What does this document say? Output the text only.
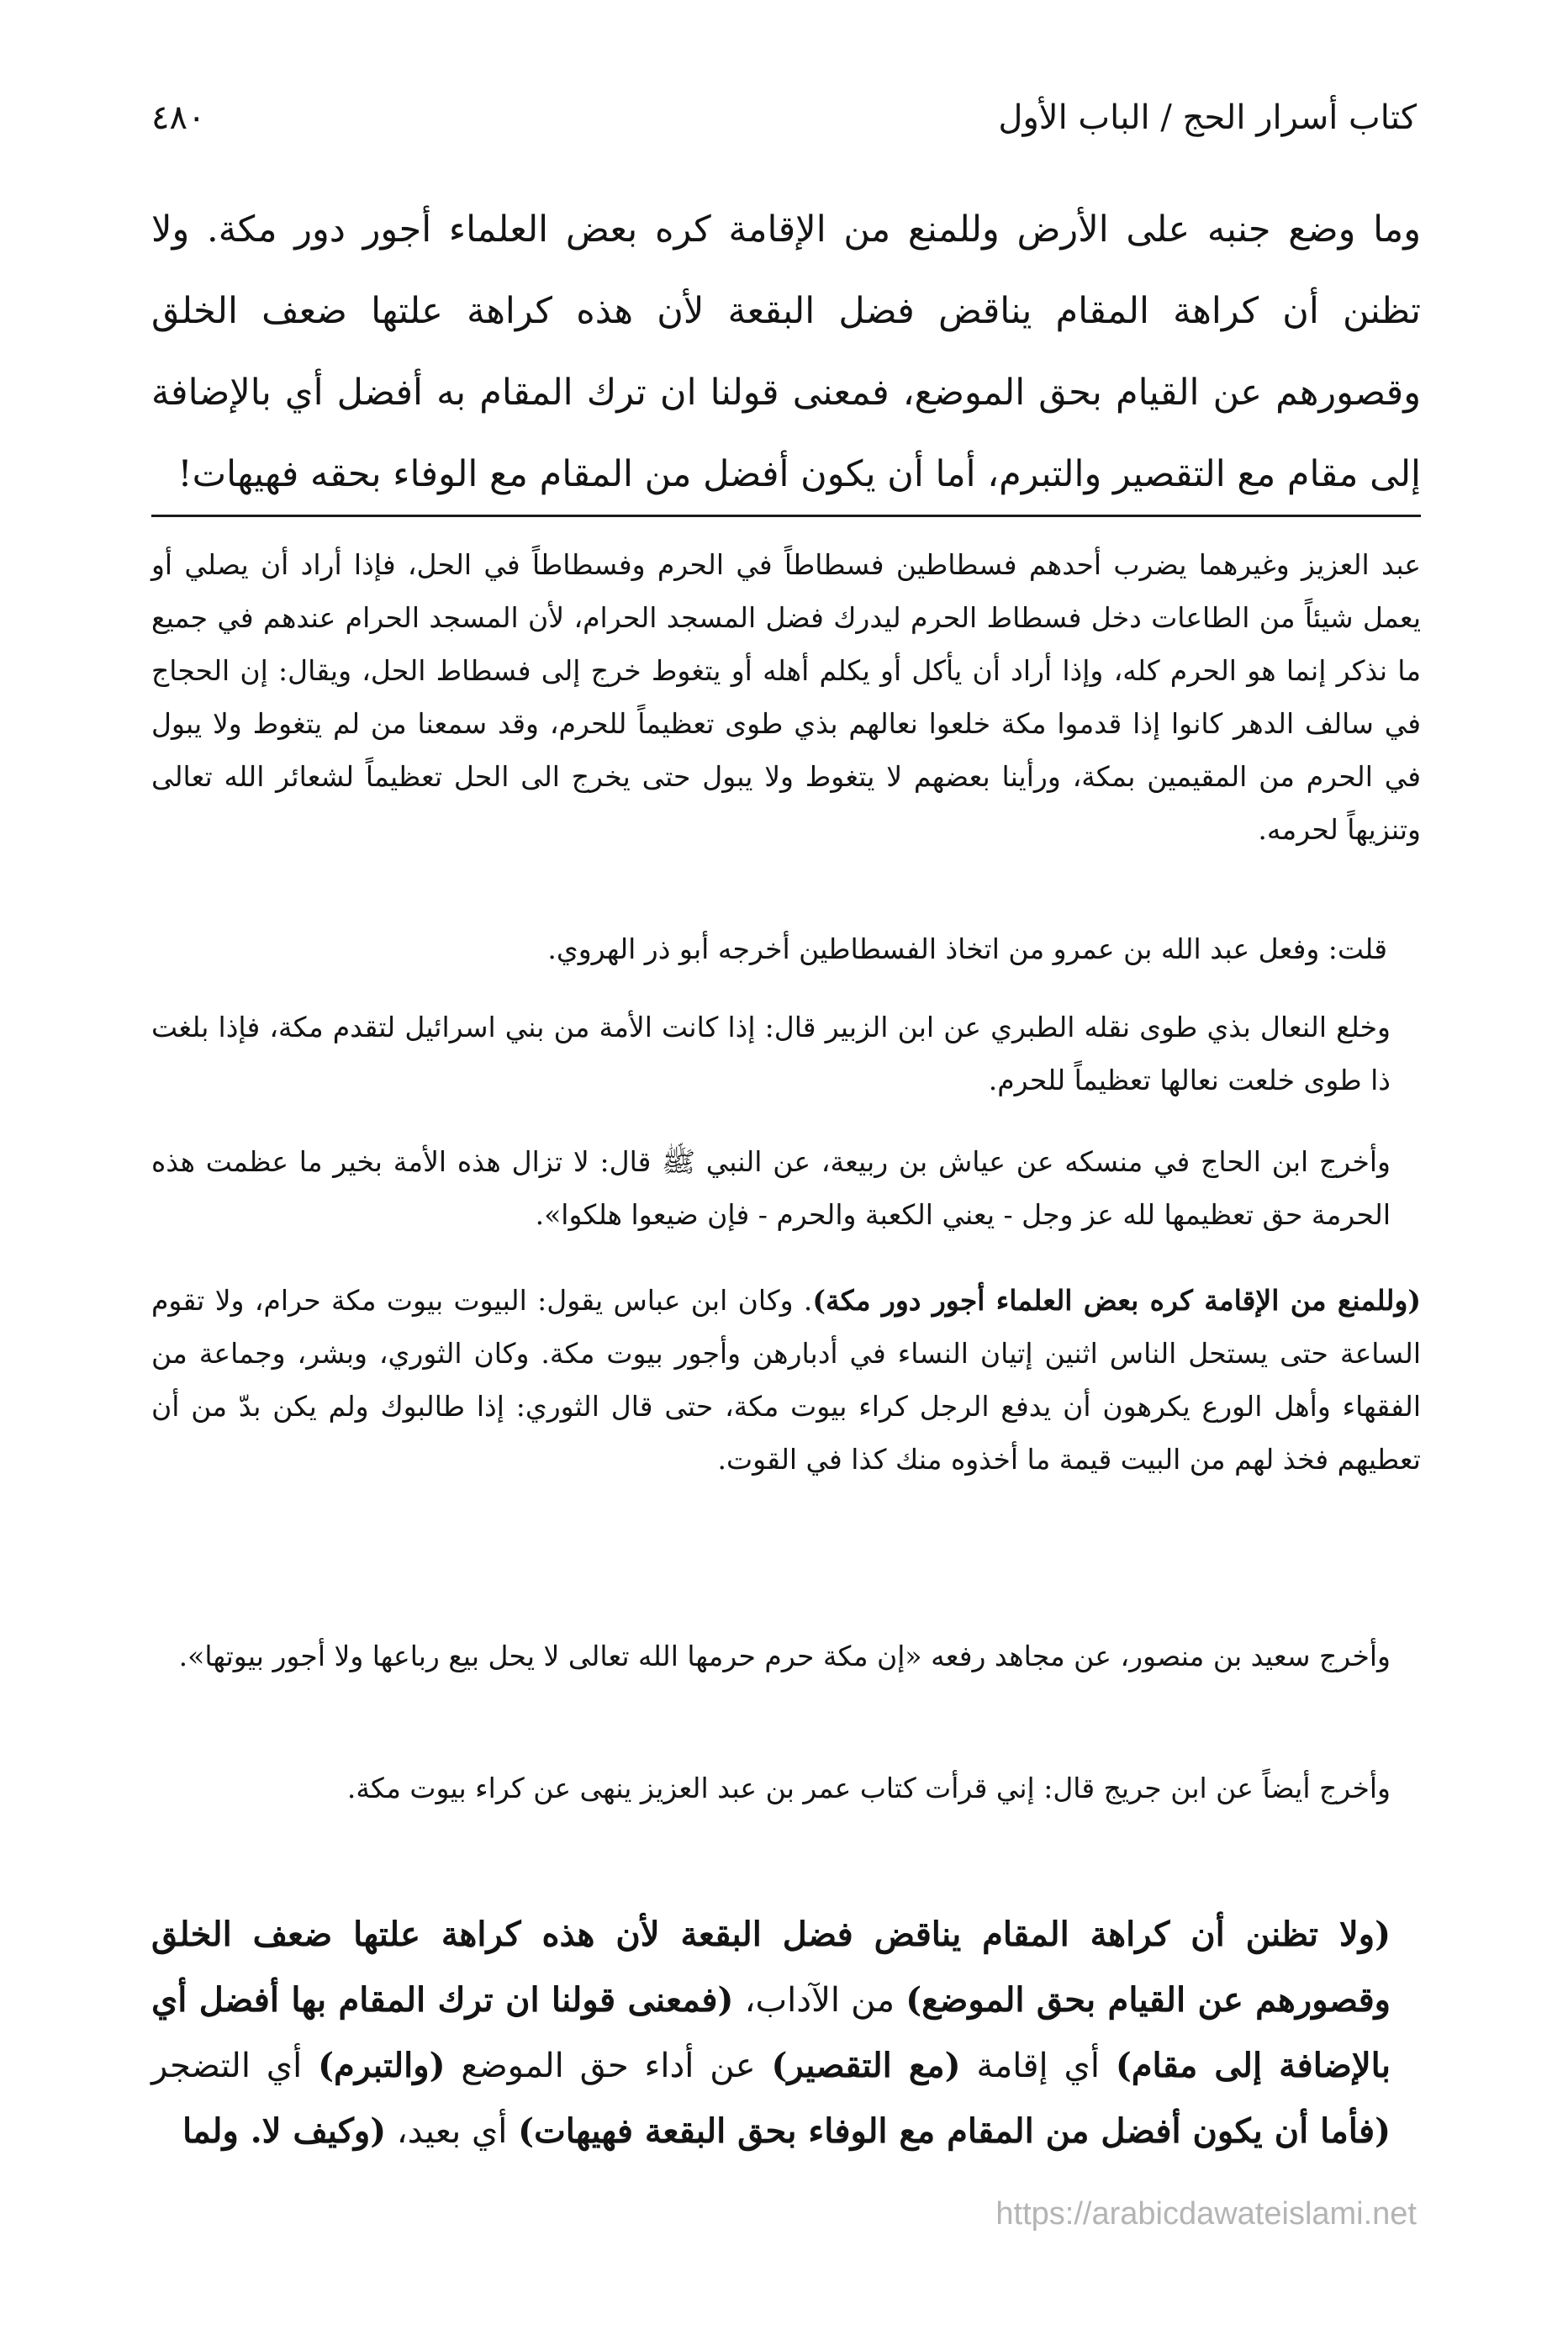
كتاب أسرار الحج / الباب الأول
٤٨٠

وما وضع جنبه على الأرض وللمنع من الإقامة كره بعض العلماء أجور دور مكة. ولا تظنن أن كراهة المقام يناقض فضل البقعة لأن هذه كراهة علتها ضعف الخلق وقصورهم عن القيام بحق الموضع، فمعنى قولنا ان ترك المقام به أفضل أي بالإضافة إلى مقام مع التقصير والتبرم، أما أن يكون أفضل من المقام مع الوفاء بحقه فهيهات!

عبد العزيز وغيرهما يضرب أحدهم فسطاطين فسطاطاً في الحرم وفسطاطاً في الحل، فإذا أراد أن يصلي أو يعمل شيئاً من الطاعات دخل فسطاط الحرم ليدرك فضل المسجد الحرام، لأن المسجد الحرام عندهم في جميع ما نذكر إنما هو الحرم كله، وإذا أراد أن يأكل أو يكلم أهله أو يتغوط خرج إلى فسطاط الحل، ويقال: إن الحجاج في سالف الدهر كانوا إذا قدموا مكة خلعوا نعالهم بذي طوى تعظيماً للحرم، وقد سمعنا من لم يتغوط ولا يبول في الحرم من المقيمين بمكة، ورأينا بعضهم لا يتغوط ولا يبول حتى يخرج الى الحل تعظيماً لشعائر الله تعالى وتنزيهاً لحرمه.

قلت: وفعل عبد الله بن عمرو من اتخاذ الفسطاطين أخرجه أبو ذر الهروي.

وخلع النعال بذي طوى نقله الطبري عن ابن الزبير قال: إذا كانت الأمة من بني اسرائيل لتقدم مكة، فإذا بلغت ذا طوى خلعت نعالها تعظيماً للحرم.

وأخرج ابن الحاج في منسكه عن عياش بن ربيعة، عن النبي ﷺ قال: لا تزال هذه الأمة بخير ما عظمت هذه الحرمة حق تعظيمها لله عز وجل - يعني الكعبة والحرم - فإن ضيعوا هلكوا».

(وللمنع من الإقامة كره بعض العلماء أجور دور مكة). وكان ابن عباس يقول: البيوت بيوت مكة حرام، ولا تقوم الساعة حتى يستحل الناس اثنين إتيان النساء في أدبارهن وأجور بيوت مكة. وكان الثوري، وبشر، وجماعة من الفقهاء وأهل الورع يكرهون أن يدفع الرجل كراء بيوت مكة، حتى قال الثوري: إذا طالبوك ولم يكن بدّ من أن تعطيهم فخذ لهم من البيت قيمة ما أخذوه منك كذا في القوت.

وأخرج سعيد بن منصور، عن مجاهد رفعه «إن مكة حرم حرمها الله تعالى لا يحل بيع رباعها ولا أجور بيوتها».

وأخرج أيضاً عن ابن جريج قال: إني قرأت كتاب عمر بن عبد العزيز ينهى عن كراء بيوت مكة.

(ولا تظنن أن كراهة المقام يناقض فضل البقعة لأن هذه كراهة علتها ضعف الخلق وقصورهم عن القيام بحق الموضع) من الآداب، (فمعنى قولنا ان ترك المقام بها أفضل أي بالإضافة إلى مقام) أي إقامة (مع التقصير) عن أداء حق الموضع (والتبرم) أي التضجر (فأما أن يكون أفضل من المقام مع الوفاء بحق البقعة فهيهات) أي بعيد، (وكيف لا. ولما

https://arabicdawateislami.net
